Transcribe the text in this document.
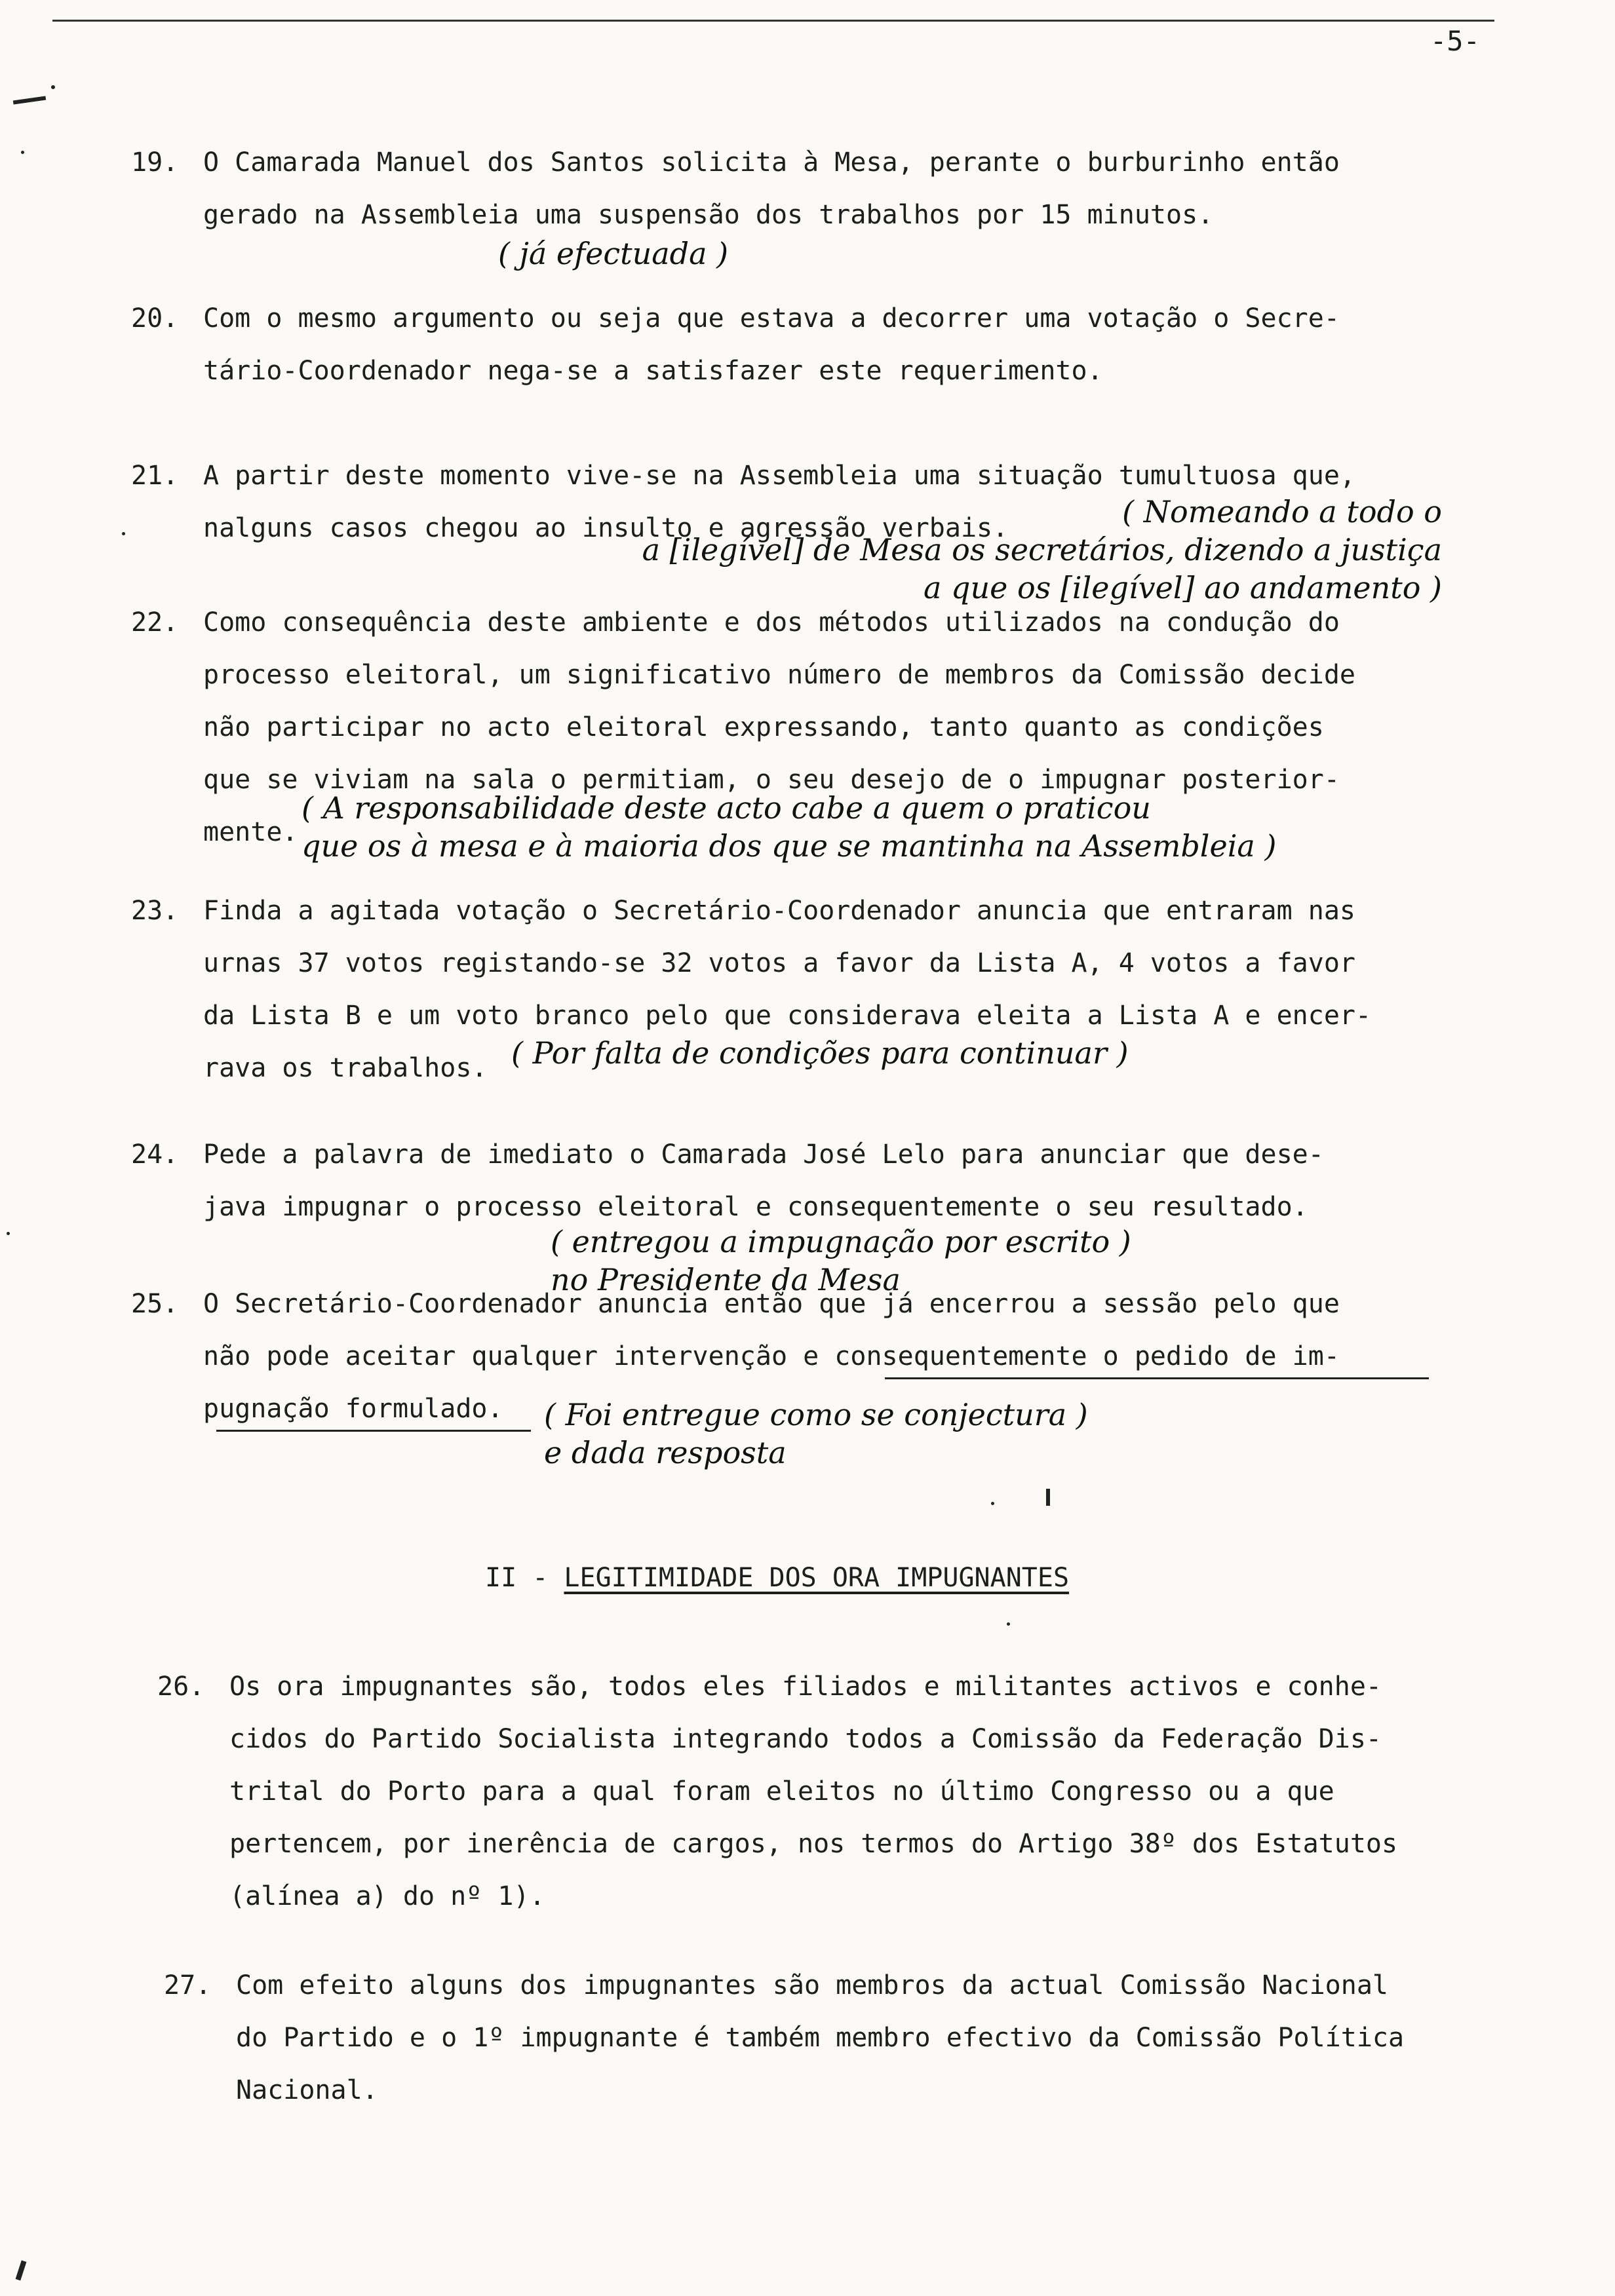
-5-
19. O Camarada Manuel dos Santos solicita à Mesa, perante o burburinho então
gerado na Assembleia uma suspensão dos trabalhos por 15 minutos.
( já efectuada )
20. Com o mesmo argumento ou seja que estava a decorrer uma votação o Secre-
tário-Coordenador nega-se a satisfazer este requerimento.
21. A partir deste momento vive-se na Assembleia uma situação tumultuosa que,
nalguns casos chegou ao insulto e agressão verbais.	( Nomeando a todo o
a [ilegível] de Mesa os secretários, dizendo a justiça
a que os [ilegível] ao andamento )
22. Como consequência deste ambiente e dos métodos utilizados na condução do
processo eleitoral, um significativo número de membros da Comissão decide
não participar no acto eleitoral expressando, tanto quanto as condições
que se viviam na sala o permitiam, o seu desejo de o impugnar posterior-
mente.
( A responsabilidade deste acto cabe a quem o praticou
que os à mesa e à maioria dos que se mantinha na Assembleia )
23. Finda a agitada votação o Secretário-Coordenador anuncia que entraram nas
urnas 37 votos registando-se 32 votos a favor da Lista A, 4 votos a favor
da Lista B e um voto branco pelo que considerava eleita a Lista A e encer-
rava os trabalhos. ( Por falta de condições para continuar )
24. Pede a palavra de imediato o Camarada José Lelo para anunciar que dese-
java impugnar o processo eleitoral e consequentemente o seu resultado.
( entregou a impugnação por escrito )
no Presidente da Mesa
25. O Secretário-Coordenador anuncia então que já encerrou a sessão pelo que
não pode aceitar qualquer intervenção e consequentemente o pedido de im-
pugnação formulado.	( Foi entregue como se conjectura )
e dada resposta
II - LEGITIMIDADE DOS ORA IMPUGNANTES
26. Os ora impugnantes são, todos eles filiados e militantes activos e conhe-
cidos do Partido Socialista integrando todos a Comissão da Federação Dis-
trital do Porto para a qual foram eleitos no último Congresso ou a que
pertencem, por inerência de cargos, nos termos do Artigo 38º dos Estatutos
(alínea a) do nº 1).
27. Com efeito alguns dos impugnantes são membros da actual Comissão Nacional
do Partido e o 1º impugnante é também membro efectivo da Comissão Política
Nacional.
